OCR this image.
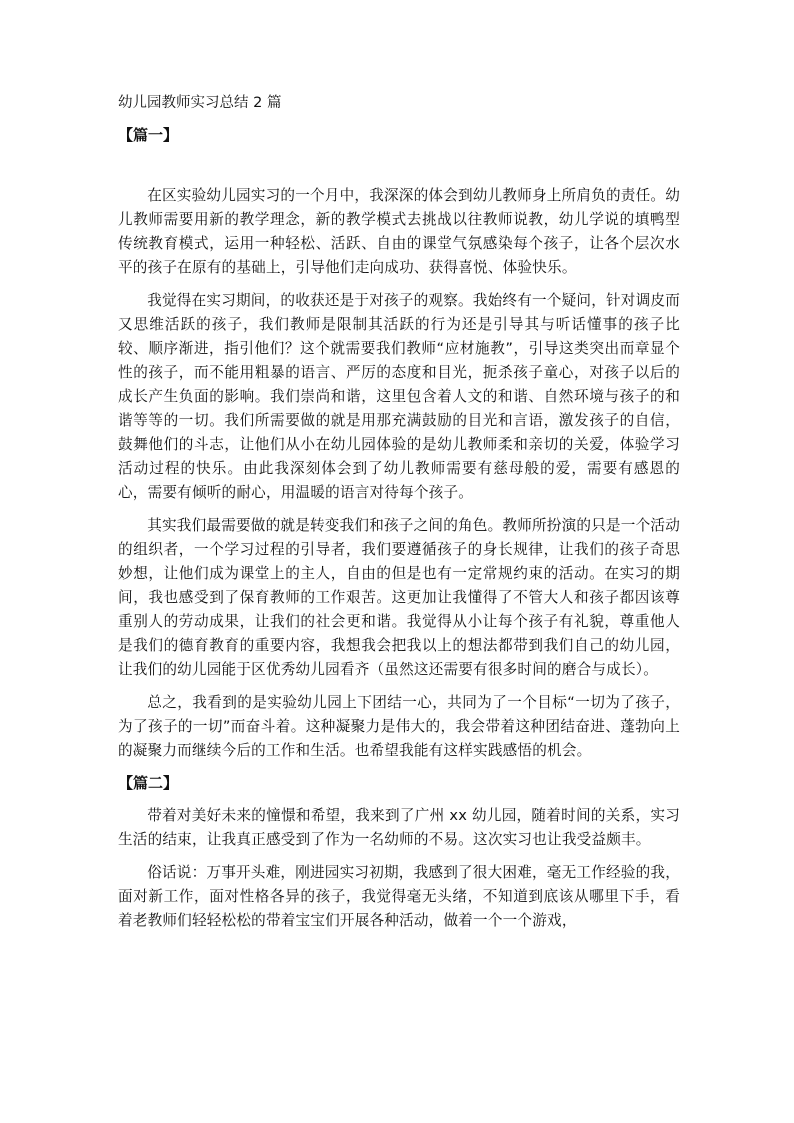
幼儿园教师实习总结 2 篇
【篇一】

在区实验幼儿园实习的一个月中，我深深的体会到幼儿教师身上所肩负的责任。幼儿教师需要用新的教学理念，新的教学模式去挑战以往教师说教，幼儿学说的填鸭型传统教育模式，运用一种轻松、活跃、自由的课堂气氛感染每个孩子，让各个层次水平的孩子在原有的基础上，引导他们走向成功、获得喜悦、体验快乐。

我觉得在实习期间，的收获还是于对孩子的观察。我始终有一个疑问，针对调皮而又思维活跃的孩子，我们教师是限制其活跃的行为还是引导其与听话懂事的孩子比较、顺序渐进，指引他们？这个就需要我们教师“应材施教”，引导这类突出而章显个性的孩子，而不能用粗暴的语言、严厉的态度和目光，扼杀孩子童心，对孩子以后的成长产生负面的影响。我们崇尚和谐，这里包含着人文的和谐、自然环境与孩子的和谐等等的一切。我们所需要做的就是用那充满鼓励的目光和言语，激发孩子的自信，鼓舞他们的斗志，让他们从小在幼儿园体验的是幼儿教师柔和亲切的关爱，体验学习活动过程的快乐。由此我深刻体会到了幼儿教师需要有慈母般的爱，需要有感恩的心，需要有倾听的耐心，用温暖的语言对待每个孩子。

其实我们最需要做的就是转变我们和孩子之间的角色。教师所扮演的只是一个活动的组织者，一个学习过程的引导者，我们要遵循孩子的身长规律，让我们的孩子奇思妙想，让他们成为课堂上的主人，自由的但是也有一定常规约束的活动。在实习的期间，我也感受到了保育教师的工作艰苦。这更加让我懂得了不管大人和孩子都因该尊重别人的劳动成果，让我们的社会更和谐。我觉得从小让每个孩子有礼貌，尊重他人是我们的德育教育的重要内容，我想我会把我以上的想法都带到我们自己的幼儿园，让我们的幼儿园能于区优秀幼儿园看齐（虽然这还需要有很多时间的磨合与成长）。

总之，我看到的是实验幼儿园上下团结一心，共同为了一个目标“一切为了孩子，为了孩子的一切”而奋斗着。这种凝聚力是伟大的，我会带着这种团结奋进、蓬勃向上的凝聚力而继续今后的工作和生活。也希望我能有这样实践感悟的机会。

【篇二】

带着对美好未来的憧憬和希望，我来到了广州 xx 幼儿园，随着时间的关系，实习生活的结束，让我真正感受到了作为一名幼师的不易。这次实习也让我受益颇丰。

俗话说：万事开头难，刚进园实习初期，我感到了很大困难，毫无工作经验的我，面对新工作，面对性格各异的孩子，我觉得毫无头绪，不知道到底该从哪里下手，看着老教师们轻轻松松的带着宝宝们开展各种活动，做着一个一个游戏，
